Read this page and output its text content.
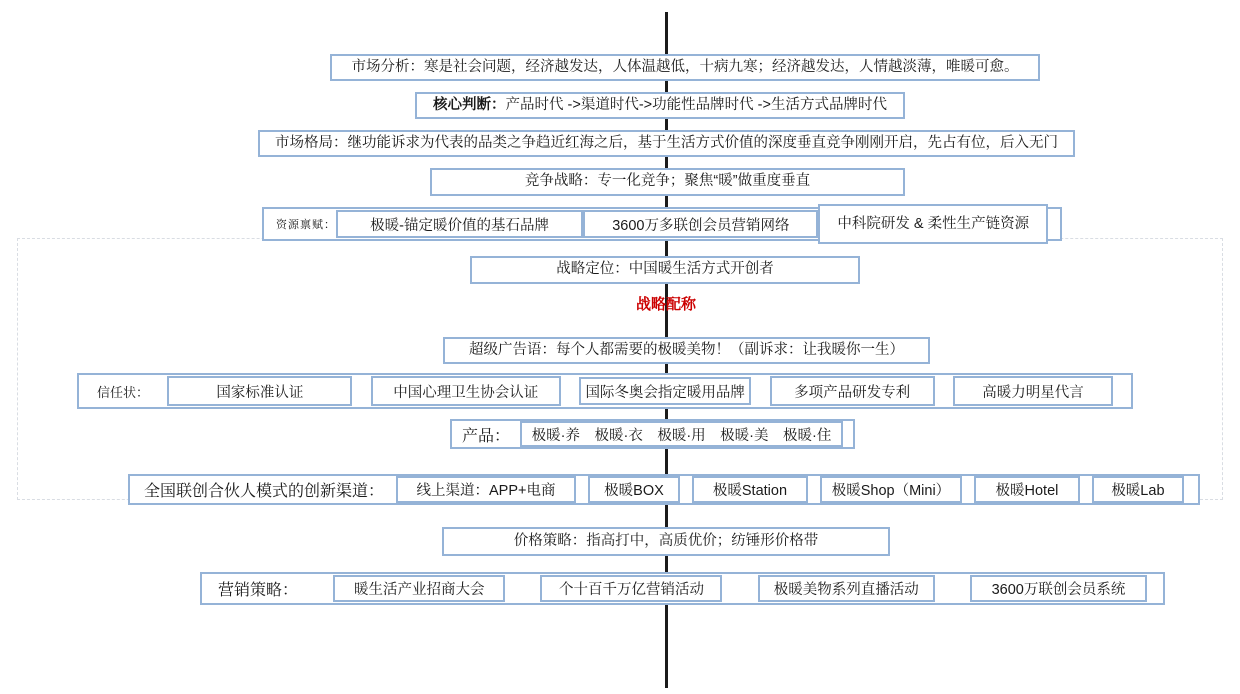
市场分析： 寒是社会问题，经济越发达，人体温越低，十病九寒；经济越发达，人情越淡薄，唯暖可愈。
核心判断： 产品时代 ->渠道时代->功能性品牌时代 ->生活方式品牌时代
市场格局： 继功能诉求为代表的品类之争趋近红海之后，基于生活方式价值的深度垂直竞争刚刚开启，先占有位，后入无门
竞争战略： 专一化竞争；聚焦“暖”做重度垂直
资源禀赋： 极暖-锚定暖价值的基石品牌	3600万多联创会员营销网络	中科院研发 & 柔性生产链资源
战略定位： 中国暖生活方式开创者
战略配称
超级广告语： 每个人都需要的极暖美物！（副诉求：让我暖你一生）
信任状：	国家标准认证	中国心理卫生协会认证	国际冬奥会指定暖用品牌	多项产品研发专利	高暖力明星代言
产品： 极暖·养　极暖·衣　极暖·用　极暖·美　极暖·住
全国联创合伙人模式的创新渠道： 线上渠道：APP+电商	极暖BOX	极暖Station	极暖Shop（Mini）	极暖Hotel	极暖Lab
价格策略： 指高打中，高质优价；纺锤形价格带
营销策略：	暖生活产业招商大会	个十百千万亿营销活动	极暖美物系列直播活动	3600万联创会员系统
